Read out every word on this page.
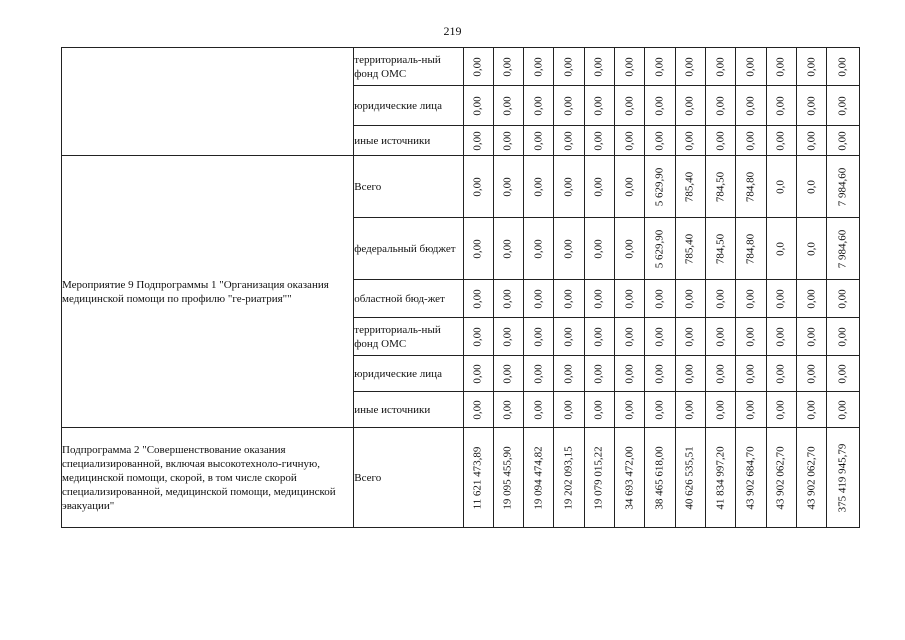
219
	территориаль-ный фонд ОМС	0,00	0,00	0,00	0,00	0,00	0,00	0,00	0,00	0,00	0,00	0,00	0,00	0,00

	юридические лица	0,00	0,00	0,00	0,00	0,00	0,00	0,00	0,00	0,00	0,00	0,00	0,00	0,00

	иные источники	0,00	0,00	0,00	0,00	0,00	0,00	0,00	0,00	0,00	0,00	0,00	0,00	0,00

Мероприятие 9 Подпрограммы 1 "Организация оказания медицинской помощи по профилю "ге-риатрия""	Всего	0,00	0,00	0,00	0,00	0,00	0,00	5 629,90	785,40	784,50	784,80	0,0	0,0	7 984,60

	федеральный бюджет	0,00	0,00	0,00	0,00	0,00	0,00	5 629,90	785,40	784,50	784,80	0,0	0,0	7 984,60

	областной бюд-жет	0,00	0,00	0,00	0,00	0,00	0,00	0,00	0,00	0,00	0,00	0,00	0,00	0,00

	территориаль-ный фонд ОМС	0,00	0,00	0,00	0,00	0,00	0,00	0,00	0,00	0,00	0,00	0,00	0,00	0,00

	юридические лица	0,00	0,00	0,00	0,00	0,00	0,00	0,00	0,00	0,00	0,00	0,00	0,00	0,00

	иные источники	0,00	0,00	0,00	0,00	0,00	0,00	0,00	0,00	0,00	0,00	0,00	0,00	0,00

Подпрограмма 2 "Совершенствование оказания специализированной, включая высокотехноло-гичную, медицинской помощи, скорой, в том числе скорой специализированной, медицинской помощи, медицинской эвакуации"	Всего	11 621 473,89	19 095 455,90	19 094 474,82	19 202 093,15	19 079 015,22	34 693 472,00	38 465 618,00	40 626 535,51	41 834 997,20	43 902 684,70	43 902 062,70	43 902 062,70	375 419 945,79
